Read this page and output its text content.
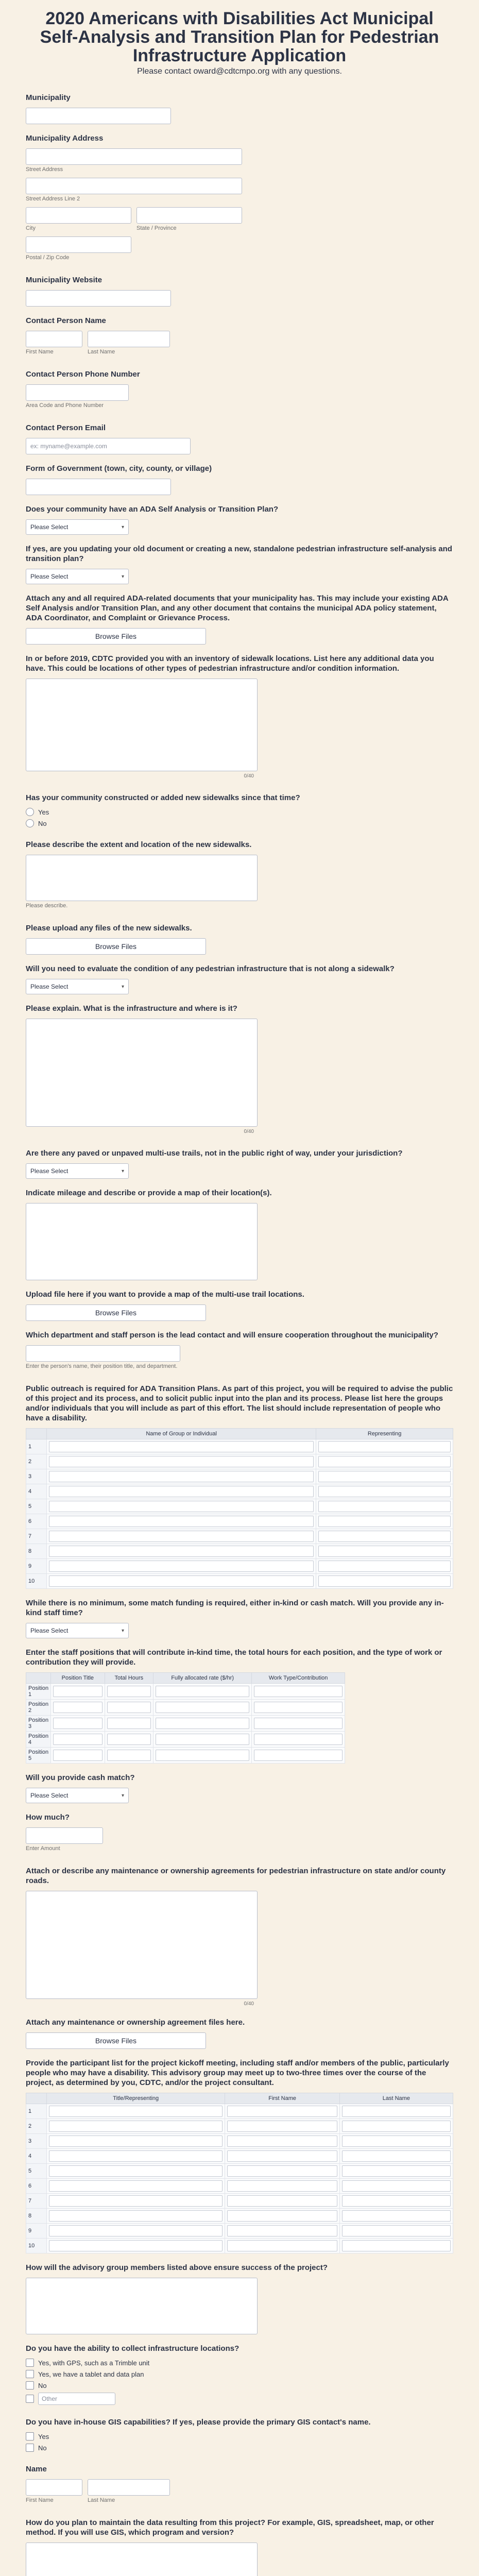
2020 Americans with Disabilities Act Municipal Self-Analysis and Transition Plan for Pedestrian Infrastructure Application
Please contact oward@cdtcmpo.org with any questions.
Municipality
Municipality Address
Street Address
Street Address Line 2
City	State / Province
Postal / Zip Code
Municipality Website
Contact Person Name
First Name	Last Name
Contact Person Phone Number
Area Code and Phone Number
Contact Person Email
ex: myname@example.com
Form of Government (town, city, county, or village)
Does your community have an ADA Self Analysis or Transition Plan?
Please Select	▾
If yes, are you updating your old document or creating a new, standalone pedestrian infrastructure self-analysis and transition plan?
Please Select	▾
Attach any and all required ADA-related documents that your municipality has. This may include your existing ADA Self Analysis and/or Transition Plan, and any other document that contains the municipal ADA policy statement, ADA Coordinator, and Complaint or Grievance Process.
Browse Files
In or before 2019, CDTC provided you with an inventory of sidewalk locations. List here any additional data you have. This could be locations of other types of pedestrian infrastructure and/or condition information.
0/40
Has your community constructed or added new sidewalks since that time?
Yes
No
Please describe the extent and location of the new sidewalks.
Please describe.
Please upload any files of the new sidewalks.
Browse Files
Will you need to evaluate the condition of any pedestrian infrastructure that is not along a sidewalk?
Please Select	▾
Please explain. What is the infrastructure and where is it?
0/40
Are there any paved or unpaved multi-use trails, not in the public right of way, under your jurisdiction?
Please Select	▾
Indicate mileage and describe or provide a map of their location(s).
Upload file here if you want to provide a map of the multi-use trail locations.
Browse Files
Which department and staff person is the lead contact and will ensure cooperation throughout the municipality?
Enter the person's name, their position title, and department.
Public outreach is required for ADA Transition Plans. As part of this project, you will be required to advise the public of this project and its process, and to solicit public input into the plan and its process. Please list here the groups and/or individuals that you will include as part of this effort. The list should include representation of people who have a disability.
	Name of Group or Individual	Representing
1	

2	

3	

4	

5	

6	

7	

8	

9	

10	

While there is no minimum, some match funding is required, either in-kind or cash match. Will you provide any in-kind staff time?
Please Select	▾
Enter the staff positions that will contribute in-kind time, the total hours for each position, and the type of work or contribution they will provide.
	Position Title	Total Hours	Fully allocated rate ($/hr)	Work Type/Contribution
Position 1	

Position 2	

Position 3	

Position 4	

Position 5	

Will you provide cash match?
Please Select	▾
How much?
Enter Amount
Attach or describe any maintenance or ownership agreements for pedestrian infrastructure on state and/or county roads.
0/40
Attach any maintenance or ownership agreement files here.
Browse Files
Provide the participant list for the project kickoff meeting, including staff and/or members of the public, particularly people who may have a disability. This advisory group may meet up to two-three times over the course of the project, as determined by you, CDTC, and/or the project consultant.
	Title/Representing	First Name	Last Name
1	

2	

3	

4	

5	

6	

7	

8	

9	

10	

How will the advisory group members listed above ensure success of the project?
Do you have the ability to collect infrastructure locations?
Yes, with GPS, such as a Trimble unit
Yes, we have a tablet and data plan
No
Other
Do you have in-house GIS capabilities? If yes, please provide the primary GIS contact's name.
Yes
No
Name
First Name	Last Name
How do you plan to maintain the data resulting from this project? For example, GIS, spreadsheet, map, or other method. If you will use GIS, which program and version?
